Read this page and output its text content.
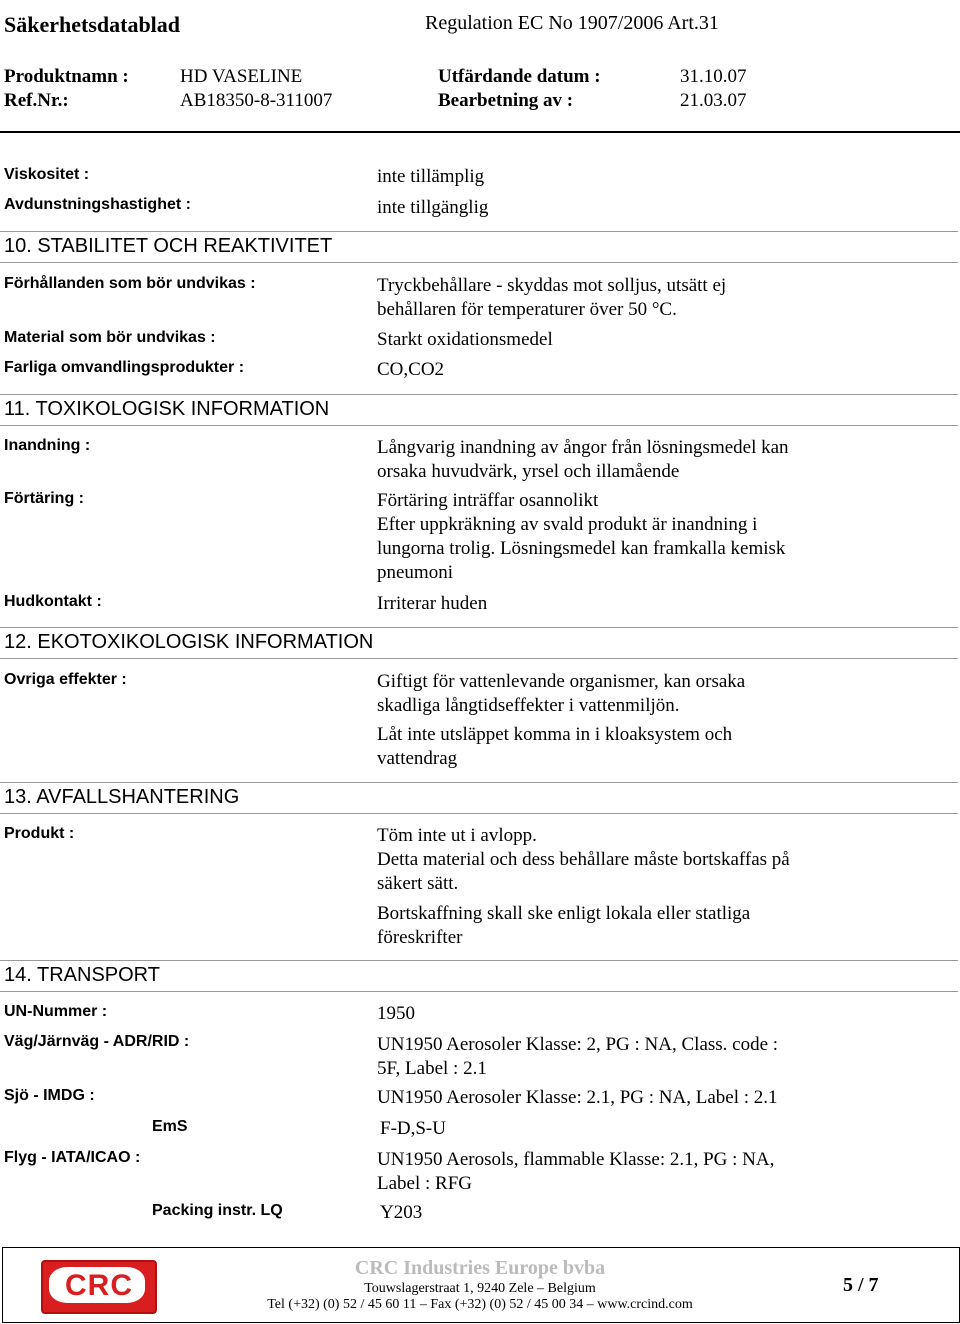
Säkerhetsdatablad	Regulation EC No 1907/2006 Art.31
Produktnamn :	HD VASELINE	Utfärdande datum :	31.10.07
Ref.Nr.:	AB18350-8-311007	Bearbetning av :	21.03.07
Viskositet :	inte tillämplig
Avdunstningshastighet :	inte tillgänglig
10. STABILITET OCH REAKTIVITET
Förhållanden som bör undvikas :	Tryckbehållare - skyddas mot solljus, utsätt ej
behållaren för temperaturer över 50 °C.
Material som bör undvikas :	Starkt oxidationsmedel
Farliga omvandlingsprodukter :	CO,CO2
11. TOXIKOLOGISK INFORMATION
Inandning :	Långvarig inandning av ångor från lösningsmedel kan
orsaka huvudvärk, yrsel och illamående
Förtäring :	Förtäring inträffar osannolikt
Efter uppkräkning av svald produkt är inandning i
lungorna trolig. Lösningsmedel kan framkalla kemisk
pneumoni
Hudkontakt :	Irriterar huden
12. EKOTOXIKOLOGISK INFORMATION
Ovriga effekter :	Giftigt för vattenlevande organismer, kan orsaka
skadliga långtidseffekter i vattenmiljön.
Låt inte utsläppet komma in i kloaksystem och
vattendrag
13. AVFALLSHANTERING
Produkt :	Töm inte ut i avlopp.
Detta material och dess behållare måste bortskaffas på
säkert sätt.
Bortskaffning skall ske enligt lokala eller statliga
föreskrifter
14. TRANSPORT
UN-Nummer :	1950
Väg/Järnväg - ADR/RID :	UN1950 Aerosoler Klasse: 2, PG : NA, Class. code :
5F, Label : 2.1
Sjö - IMDG :	UN1950 Aerosoler Klasse: 2.1, PG : NA, Label : 2.1
EmS	F-D,S-U
Flyg - IATA/ICAO :	UN1950 Aerosols, flammable Klasse: 2.1, PG : NA,
Label : RFG
Packing instr. LQ	Y203
CRC
CRC Industries Europe bvba
Touwslagerstraat 1, 9240 Zele – Belgium
Tel (+32) (0) 52 / 45 60 11 – Fax (+32) (0) 52 / 45 00 34 – www.crcind.com
5 / 7
